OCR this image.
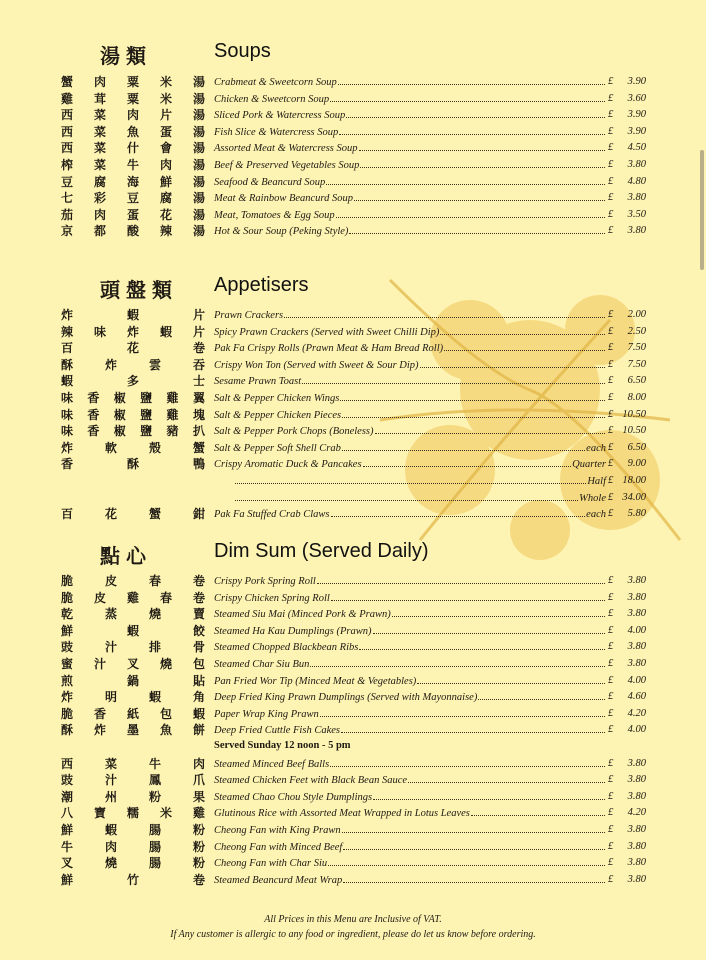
湯類	Soups
蟹 肉 粟 米 湯 Crabmeat & Sweetcorn Soup	£ 3.90
雞 茸 粟 米 湯 Chicken & Sweetcorn Soup	£ 3.60
西 菜 肉 片 湯 Sliced Pork & Watercress Soup	£ 3.90
西 菜 魚 蛋 湯 Fish Slice & Watercress Soup	£ 3.90
西 菜 什 會 湯 Assorted Meat & Watercress Soup	£ 4.50
榨 菜 牛 肉 湯 Beef & Preserved Vegetables Soup	£ 3.80
豆 腐 海 鮮 湯 Seafood & Beancurd Soup	£ 4.80
七 彩 豆 腐 湯 Meat & Rainbow Beancurd Soup	£ 3.80
茄 肉 蛋 花 湯 Meat, Tomatoes & Egg Soup	£ 3.50
京 都 酸 辣 湯 Hot & Sour Soup (Peking Style)	£ 3.80
頭盤類 Appetisers
炸	蝦	片 Prawn Crackers	£ 2.00
辣 味 炸 蝦 片 Spicy Prawn Crackers (Served with Sweet Chilli Dip)	£ 2.50
百	花	卷 Pak Fa Crispy Rolls (Prawn Meat & Ham Bread Roll)	£ 7.50
酥	炸	雲	吞 Crispy Won Ton (Served with Sweet & Sour Dip)	£ 7.50
蝦	多	士 Sesame Prawn Toast	£ 6.50
味 香 椒 鹽 雞 翼 Salt & Pepper Chicken Wings	£ 8.00
味 香 椒 鹽 雞 塊 Salt & Pepper Chicken Pieces	£ 10.50
味 香 椒 鹽 豬 扒 Salt & Pepper Pork Chops (Boneless)	£ 10.50
炸	軟	殼	蟹 Salt & Pepper Soft Shell Crab	each £ 6.50
香	酥	鴨 Crispy Aromatic Duck & Pancakes	Quarter £ 9.00
Half £ 18.00
Whole £ 34.00
百	花	蟹	鉗 Pak Fa Stuffed Crab Claws	each £ 5.80
點心	Dim Sum (Served Daily)
脆	皮	春	卷 Crispy Pork Spring Roll	£ 3.80
脆 皮 雞 春 卷 Crispy Chicken Spring Roll	£ 3.80
乾	蒸	燒	賣 Steamed Siu Mai (Minced Pork & Prawn)	£ 3.80
鮮	蝦	餃 Steamed Ha Kau Dumplings (Prawn)	£ 4.00
豉	汁	排	骨 Steamed Chopped Blackbean Ribs	£ 3.80
蜜 汁 叉 燒 包 Steamed Char Siu Bun	£ 3.80
煎	鍋	貼 Pan Fried Wor Tip (Minced Meat & Vegetables)	£ 4.00
炸	明	蝦	角 Deep Fried King Prawn Dumplings (Served with Mayonnaise)	£ 4.60
脆 香 紙 包 蝦 Paper Wrap King Prawn	£ 4.20
酥 炸 墨 魚 餅 Deep Fried Cuttle Fish Cakes	£ 4.00
Served Sunday 12 noon - 5 pm
西	菜	牛	肉 Steamed Minced Beef Balls	£ 3.80
豉	汁	鳳	爪 Steamed Chicken Feet with Black Bean Sauce	£ 3.80
潮	州	粉	果 Steamed Chao Chou Style Dumplings	£ 3.80
八 寶 糯 米 雞 Glutinous Rice with Assorted Meat Wrapped in Lotus Leaves	£ 4.20
鮮	蝦	腸	粉 Cheong Fan with King Prawn	£ 3.80
牛	肉	腸	粉 Cheong Fan with Minced Beef	£ 3.80
叉	燒	腸	粉 Cheong Fan with Char Siu	£ 3.80
鮮	竹	卷 Steamed Beancurd Meat Wrap	£ 3.80
All Prices in this Menu are Inclusive of VAT.
If Any customer is allergic to any food or ingredient, please do let us know before ordering.
